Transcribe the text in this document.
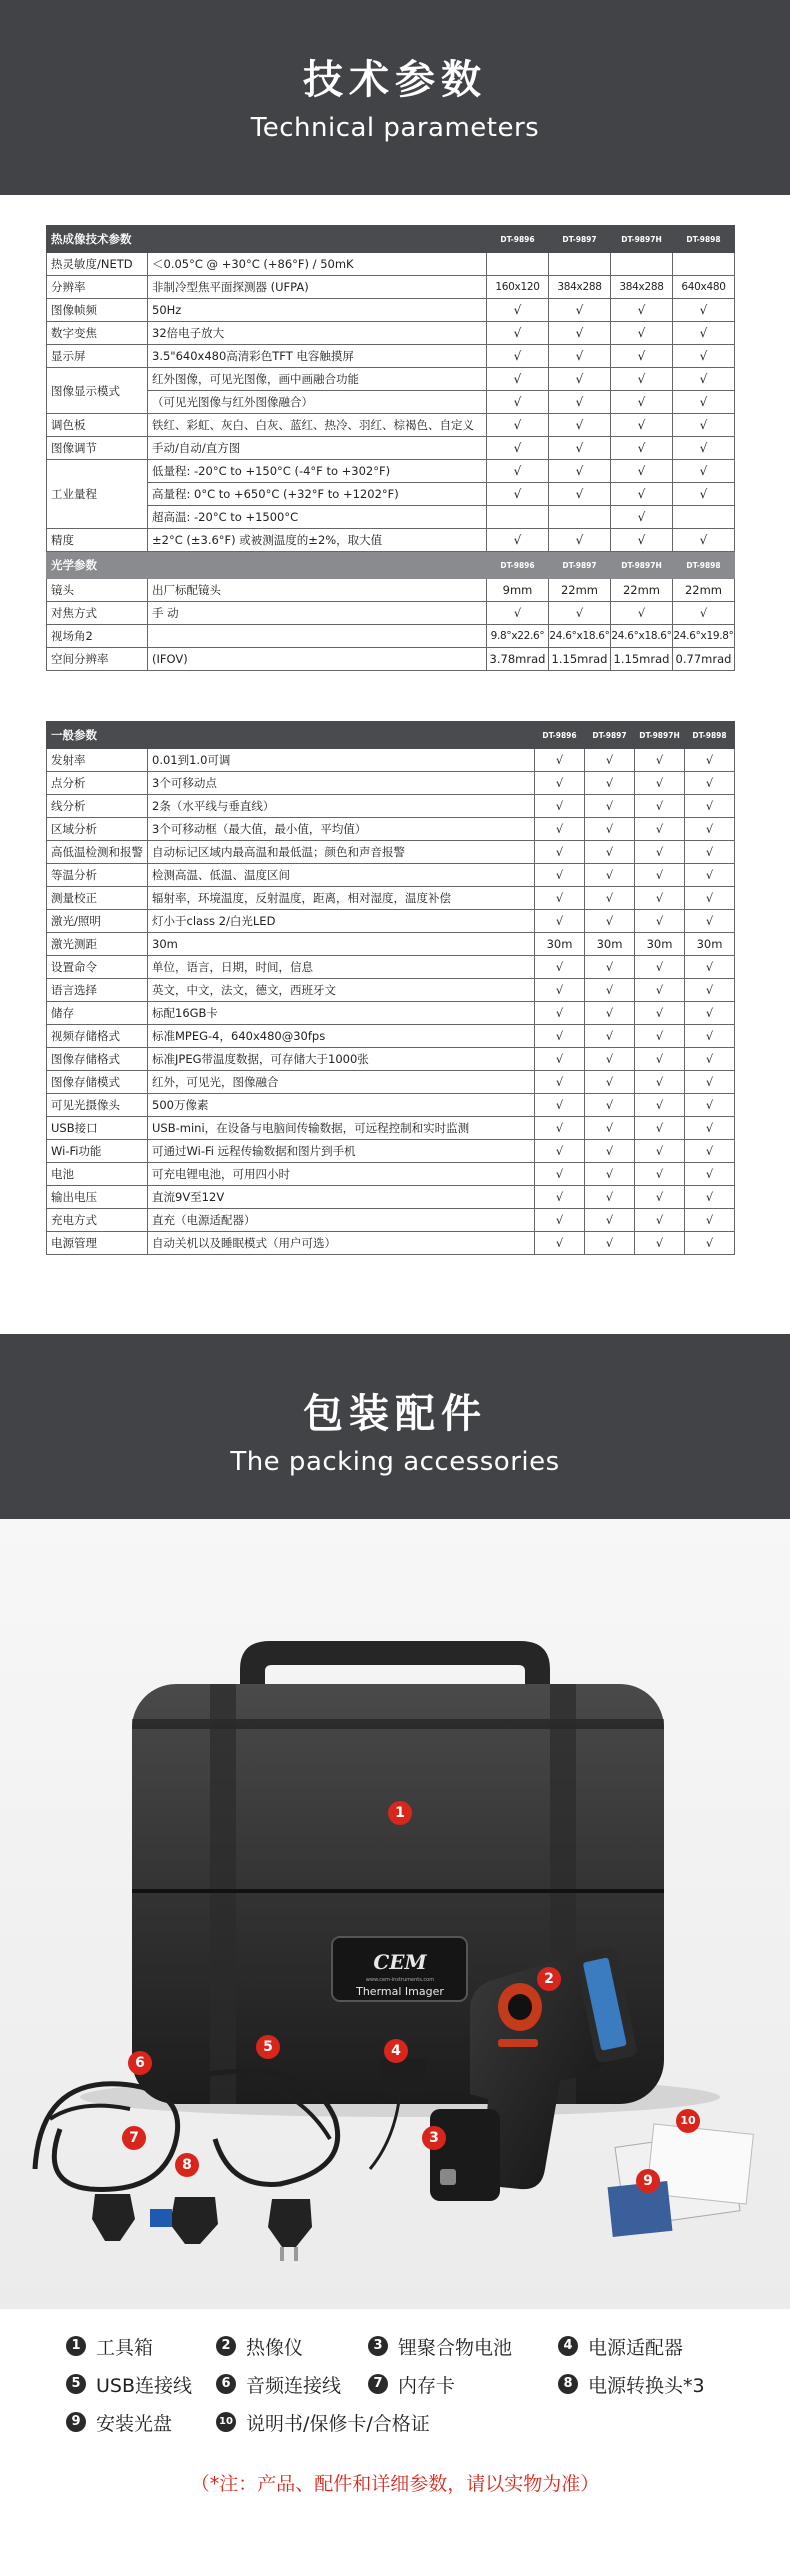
技术参数
Technical parameters
热成像技术参数		DT-9896	DT-9897	DT-9897H	DT-9898
热灵敏度/NETD	＜0.05°C @ +30°C (+86°F) / 50mK				
分辨率	非制冷型焦平面探测器 (UFPA)	160x120	384x288	384x288	640x480
图像帧频	50Hz	√	√	√	√
数字变焦	32倍电子放大	√	√	√	√
显示屏	3.5"640x480高清彩色TFT 电容触摸屏	√	√	√	√
图像显示模式	红外图像，可见光图像，画中画融合功能	√	√	√	√
	（可见光图像与红外图像融合）	√	√	√	√
调色板	铁红、彩虹、灰白、白灰、蓝红、热冷、羽红、棕褐色、自定义	√	√	√	√
图像调节	手动/自动/直方图	√	√	√	√
工业量程	低量程: -20°C to +150°C (-4°F to +302°F)	√	√	√	√
	高量程: 0°C to +650°C (+32°F to +1202°F)	√	√	√	√
	超高温: -20°C to +1500°C			√	
精度	±2°C (±3.6°F) 或被测温度的±2%，取大值	√	√	√	√
光学参数		DT-9896	DT-9897	DT-9897H	DT-9898
镜头	出厂标配镜头	9mm	22mm	22mm	22mm
对焦方式	手 动	√	√	√	√
视场角2		9.8°x22.6°	24.6°x18.6°	24.6°x18.6°	24.6°x19.8°
空间分辨率	(IFOV)	3.78mrad	1.15mrad	1.15mrad	0.77mrad
一般参数		DT-9896	DT-9897	DT-9897H	DT-9898
发射率	0.01到1.0可调	√	√	√	√
点分析	3个可移动点	√	√	√	√
线分析	2条（水平线与垂直线）	√	√	√	√
区域分析	3个可移动框（最大值，最小值，平均值）	√	√	√	√
高低温检测和报警	自动标记区域内最高温和最低温；颜色和声音报警	√	√	√	√
等温分析	检测高温、低温、温度区间	√	√	√	√
测量校正	辐射率，环境温度，反射温度，距离，相对湿度，温度补偿	√	√	√	√
激光/照明	灯小于class 2/白光LED	√	√	√	√
激光测距	30m	30m	30m	30m	30m
设置命令	单位，语言，日期，时间，信息	√	√	√	√
语言选择	英文，中文，法文，德文，西班牙文	√	√	√	√
储存	标配16GB卡	√	√	√	√
视频存储格式	标准MPEG-4，640x480@30fps	√	√	√	√
图像存储格式	标准JPEG带温度数据，可存储大于1000张	√	√	√	√
图像存储模式	红外，可见光，图像融合	√	√	√	√
可见光摄像头	500万像素	√	√	√	√
USB接口	USB-mini，在设备与电脑间传输数据，可远程控制和实时监测	√	√	√	√
Wi-Fi功能	可通过Wi-Fi 远程传输数据和图片到手机	√	√	√	√
电池	可充电锂电池，可用四小时	√	√	√	√
输出电压	直流9V至12V	√	√	√	√
充电方式	直充（电源适配器）	√	√	√	√
电源管理	自动关机以及睡眠模式（用户可选）	√	√	√	√
包装配件
The packing accessories
CEM
www.cem-instruments.com
Thermal Imager
1
2
3
4
5
6
7
8
9
10
1 工具箱	2 热像仪	3 锂聚合物电池	4 电源适配器
5 USB连接线	6 音频连接线	7 内存卡	8 电源转换头*3
9 安装光盘	10 说明书/保修卡/合格证
（*注：产品、配件和详细参数，请以实物为准）
